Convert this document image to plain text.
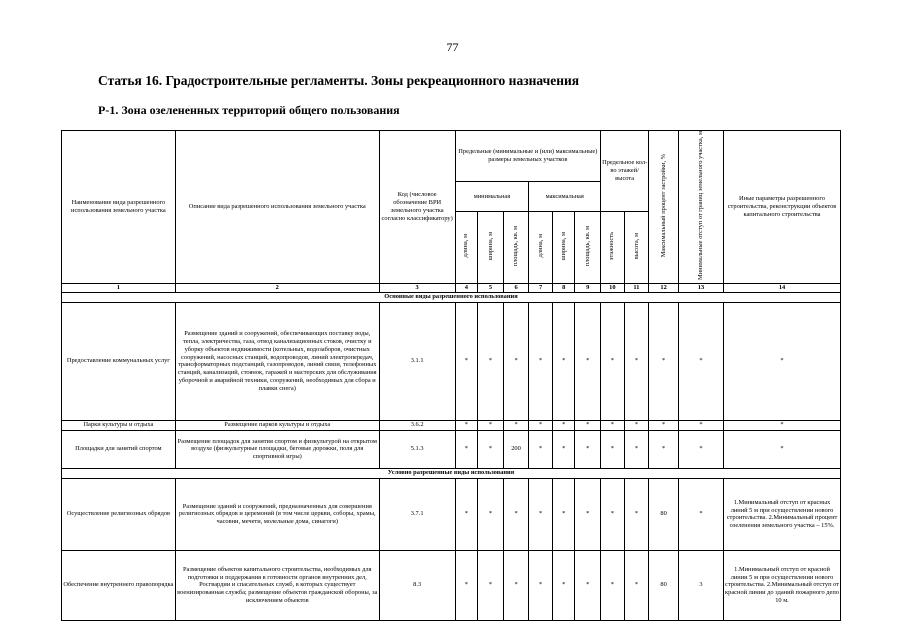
77
Статья 16. Градостроительные регламенты. Зоны рекреационного назначения
Р-1. Зона озелененных территорий общего пользования
Наименование вида разрешенного использования земельного участка	Описание вида разрешенного использования земельного участка	Код (числовое обозначение ВРИ земельного участка согласно классификатору)	Предельные (минимальные и (или) максимальные) размеры земельных участков						Предельное кол-во этажей/ высота		Максимальный процент застройки, %	Минимальные отступ от границ земельного участка, м	Иные параметры разрешенного строительства, реконструкции объектов капитального строительства
			минимальная			максимальная							
			длина, м	ширина, м	площадь, кв. м	длина, м	ширина, м	площадь, кв. м	этажность	высота, м			
1	2	3	4	5	6	7	8	9	10	11	12	13	14
Основные виды разрешенного использования													
Предоставление коммунальных услуг	Размещение зданий и сооружений, обеспечивающих поставку воды, тепла, электричества, газа, отвод канализационных стоков, очистку и уборку объектов недвижимости (котельных, водозаборов, очистных сооружений, насосных станций, водопроводов, линий электропередач, трансформаторных подстанций, газопроводов, линий связи, телефонных станций, канализаций, стоянок, гаражей и мастерских для обслуживания уборочной и аварийной техники, сооружений, необходимых для сбора и плавки снега)	3.1.1	*	*	*	*	*	*	*	*	*	*	*
Парки культуры и отдыха	Размещение парков культуры и отдыха	3.6.2	*	*	*	*	*	*	*	*	*	*	*
Площадки для занятий спортом	Размещение площадок для занятия спортом и физкультурой на открытом воздухе (физкультурные площадки, беговые дорожки, поля для спортивной игры)	5.1.3	*	*	200	*	*	*	*	*	*	*	*
Условно разрешенные виды использования													
Осуществление религиозных обрядов	Размещение зданий и сооружений, предназначенных для совершения религиозных обрядов и церемоний (в том числе церкви, соборы, храмы, часовни, мечети, молельные дома, синагоги)	3.7.1	*	*	*	*	*	*	*	*	80	*	1.Минимальный отступ от красных линий 5 м при осуществлении нового строительства. 2.Минимальный процент озеленения земельного участка – 15%.
Обеспечение внутреннего правопорядка	Размещение объектов капитального строительства, необходимых для подготовки и поддержания в готовности органов внутренних дел, Росгвардии и спасательных служб, в которых существует военизированная служба; размещение объектов гражданской обороны, за исключением объектов	8.3	*	*	*	*	*	*	*	*	80	3	1.Минимальный отступ от красной линии 5 м при осуществлении нового строительства. 2.Минимальный отступ от красной линии до зданий пожарного депо 10 м.
